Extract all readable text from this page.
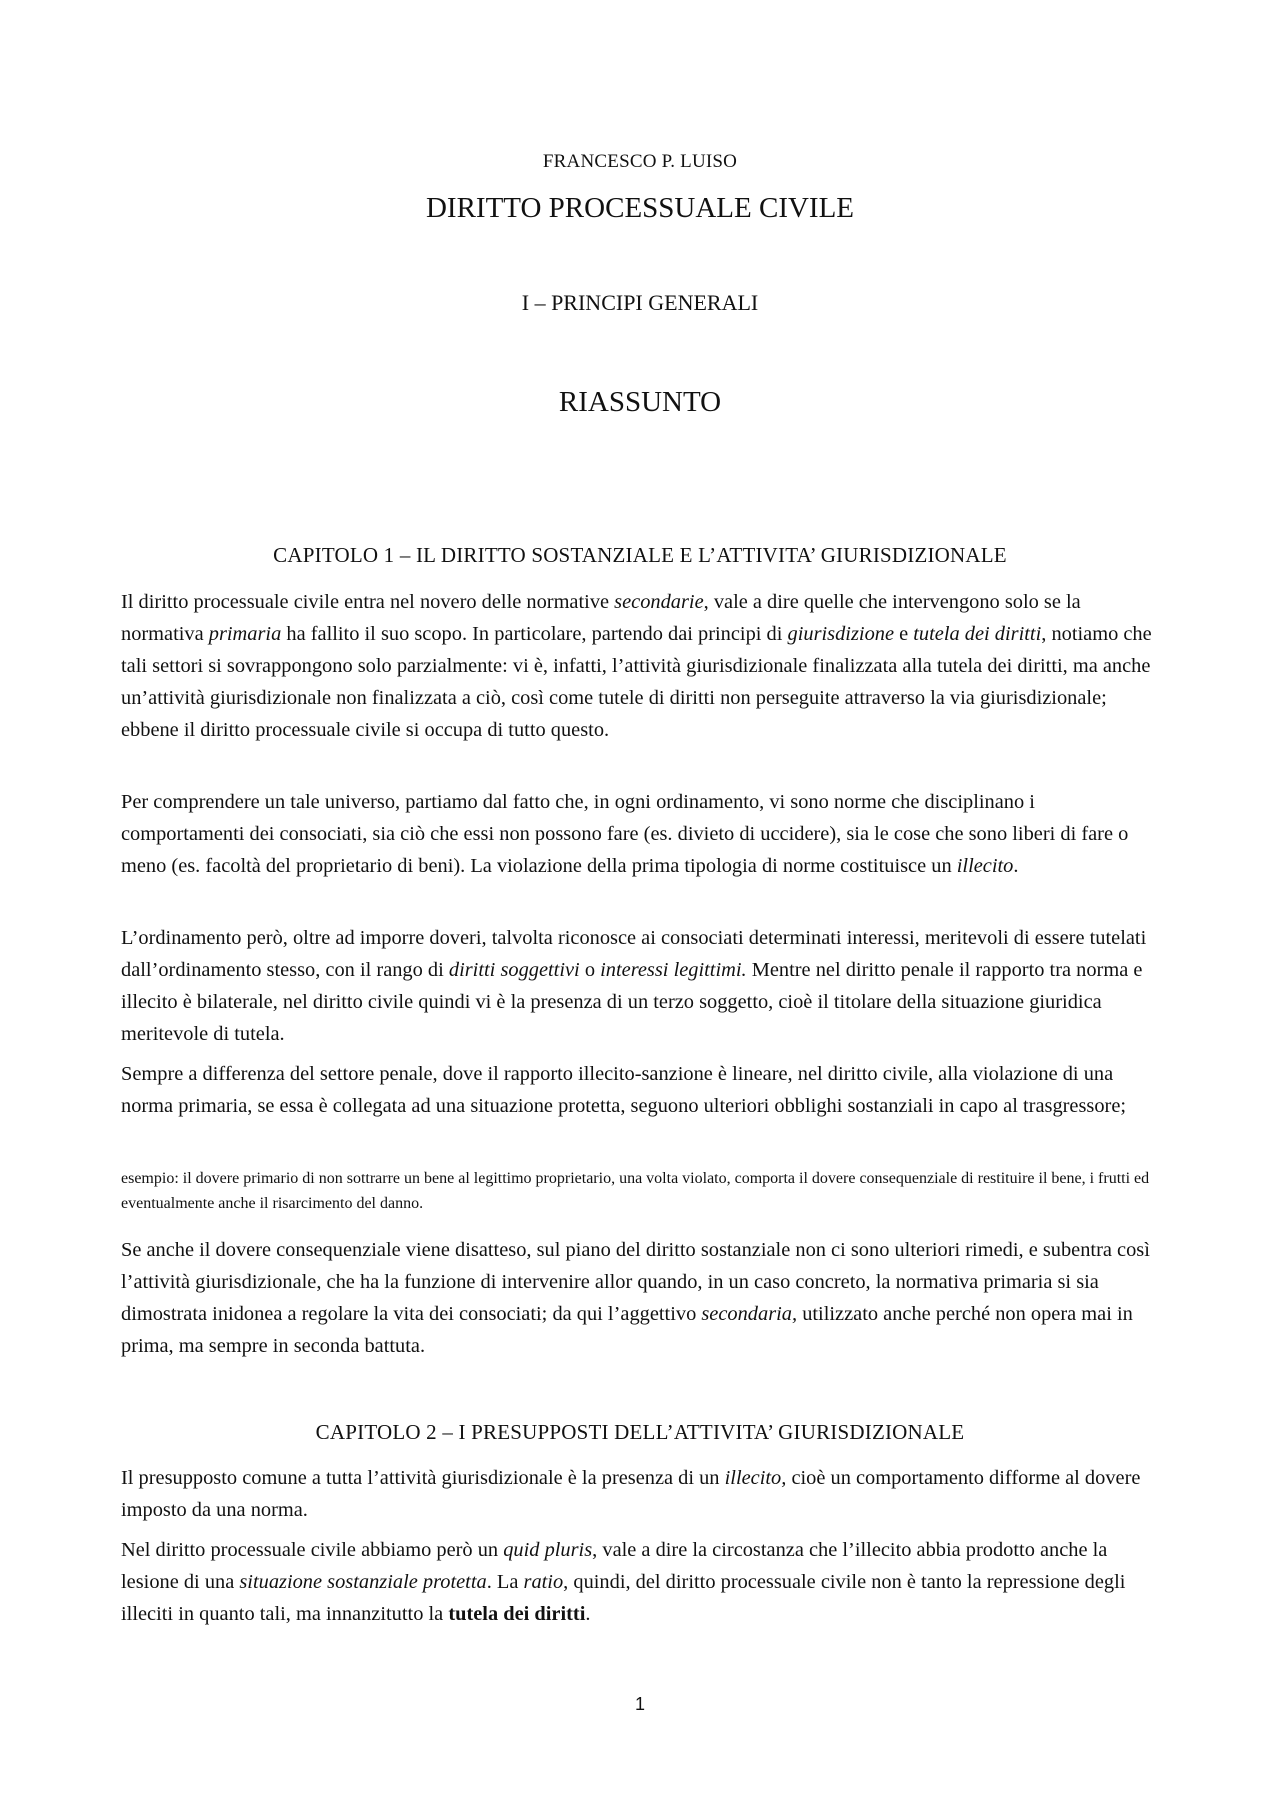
FRANCESCO P. LUISO
DIRITTO PROCESSUALE CIVILE
I – PRINCIPI GENERALI
RIASSUNTO
CAPITOLO 1 – IL DIRITTO SOSTANZIALE E L’ATTIVITA’ GIURISDIZIONALE

Il diritto processuale civile entra nel novero delle normative secondarie, vale a dire quelle che intervengono solo se la normativa primaria ha fallito il suo scopo. In particolare, partendo dai principi di giurisdizione e tutela dei diritti, notiamo che tali settori si sovrappongono solo parzialmente: vi è, infatti, l’attività giurisdizionale finalizzata alla tutela dei diritti, ma anche un’attività giurisdizionale non finalizzata a ciò, così come tutele di diritti non perseguite attraverso la via giurisdizionale; ebbene il diritto processuale civile si occupa di tutto questo.

Per comprendere un tale universo, partiamo dal fatto che, in ogni ordinamento, vi sono norme che disciplinano i comportamenti dei consociati, sia ciò che essi non possono fare (es. divieto di uccidere), sia le cose che sono liberi di fare o meno (es. facoltà del proprietario di beni). La violazione della prima tipologia di norme costituisce un illecito.

L’ordinamento però, oltre ad imporre doveri, talvolta riconosce ai consociati determinati interessi, meritevoli di essere tutelati dall’ordinamento stesso, con il rango di diritti soggettivi o interessi legittimi. Mentre nel diritto penale il rapporto tra norma e illecito è bilaterale, nel diritto civile quindi vi è la presenza di un terzo soggetto, cioè il titolare della situazione giuridica meritevole di tutela.

Sempre a differenza del settore penale, dove il rapporto illecito-sanzione è lineare, nel diritto civile, alla violazione di una norma primaria, se essa è collegata ad una situazione protetta, seguono ulteriori obblighi sostanziali in capo al trasgressore;

esempio: il dovere primario di non sottrarre un bene al legittimo proprietario, una volta violato, comporta il dovere consequenziale di restituire il bene, i frutti ed eventualmente anche il risarcimento del danno.

Se anche il dovere consequenziale viene disatteso, sul piano del diritto sostanziale non ci sono ulteriori rimedi, e subentra così l’attività giurisdizionale, che ha la funzione di intervenire allor quando, in un caso concreto, la normativa primaria si sia dimostrata inidonea a regolare la vita dei consociati; da qui l’aggettivo secondaria, utilizzato anche perché non opera mai in prima, ma sempre in seconda battuta.

CAPITOLO 2 – I PRESUPPOSTI DELL’ATTIVITA’ GIURISDIZIONALE

Il presupposto comune a tutta l’attività giurisdizionale è la presenza di un illecito, cioè un comportamento difforme al dovere imposto da una norma.

Nel diritto processuale civile abbiamo però un quid pluris, vale a dire la circostanza che l’illecito abbia prodotto anche la lesione di una situazione sostanziale protetta. La ratio, quindi, del diritto processuale civile non è tanto la repressione degli illeciti in quanto tali, ma innanzitutto la tutela dei diritti.

1
